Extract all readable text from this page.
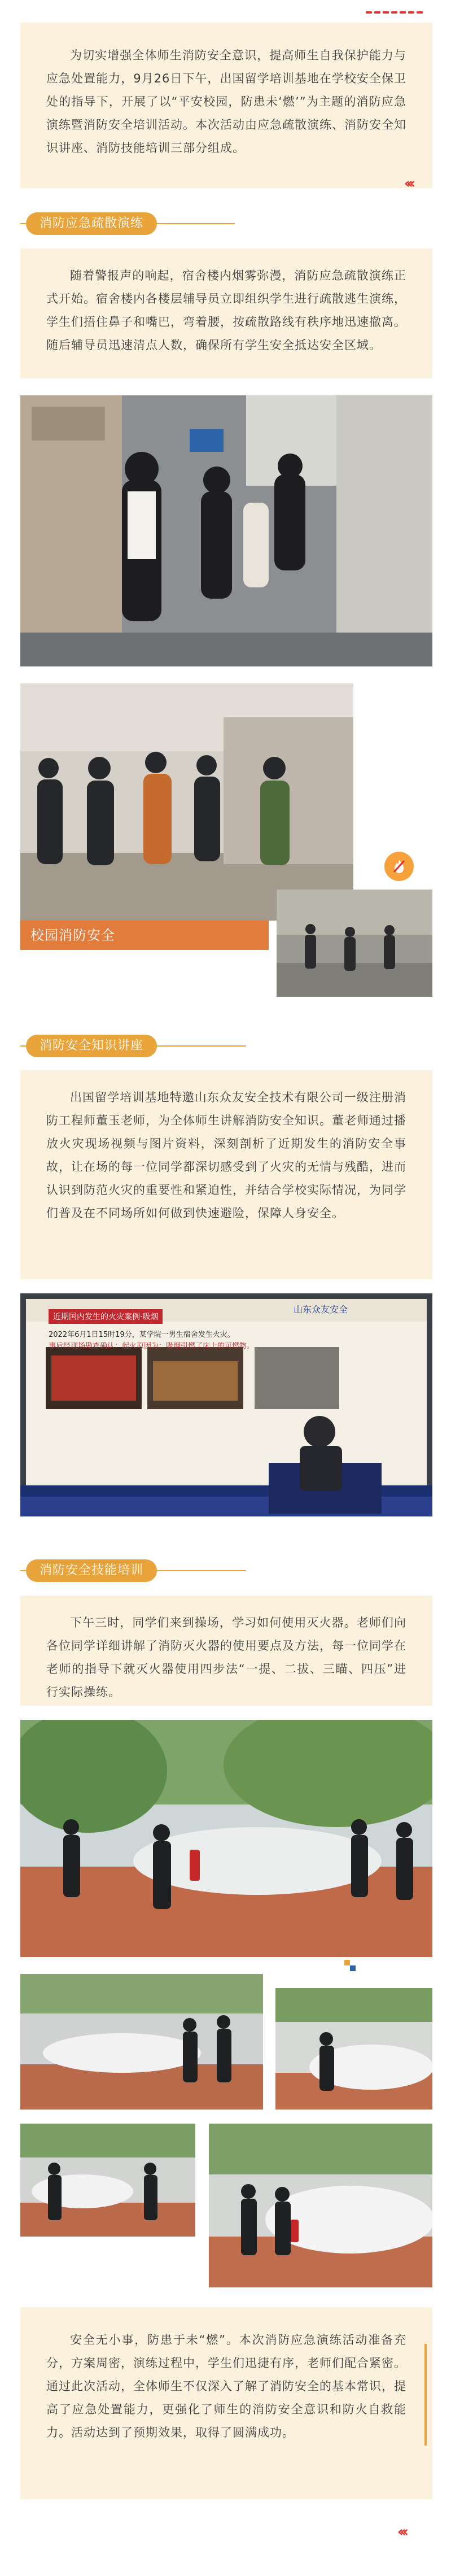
为切实增强全体师生消防安全意识，提高师生自我保护能力与应急处置能力，9月26日下午，出国留学培训基地在学校安全保卫处的指导下，开展了以“平安校园，防患未‘燃’”为主题的消防应急演练暨消防安全培训活动。本次活动由应急疏散演练、消防安全知识讲座、消防技能培训三部分组成。
‹‹‹
消防应急疏散演练
随着警报声的响起，宿舍楼内烟雾弥漫，消防应急疏散演练正式开始。宿舍楼内各楼层辅导员立即组织学生进行疏散逃生演练，学生们捂住鼻子和嘴巴，弯着腰，按疏散路线有秩序地迅速撤离。随后辅导员迅速清点人数，确保所有学生安全抵达安全区域。
校园消防安全
消防安全知识讲座
出国留学培训基地特邀山东众友安全技术有限公司一级注册消防工程师董玉老师，为全体师生讲解消防安全知识。董老师通过播放火灾现场视频与图片资料，深刻剖析了近期发生的消防安全事故，让在场的每一位同学都深切感受到了火灾的无情与残酷，进而认识到防范火灾的重要性和紧迫性，并结合学校实际情况，为同学们普及在不同场所如何做到快速避险，保障人身安全。
近期国内发生的火灾案例·吸烟
山东众友安全
2022年6月1日15时19分，某学院一男生宿舍发生火灾。
事后经现场勘查确认：起火原因为：吸烟引燃了床上的可燃物。
消防安全技能培训
下午三时，同学们来到操场，学习如何使用灭火器。老师们向各位同学详细讲解了消防灭火器的使用要点及方法，每一位同学在老师的指导下就灭火器使用四步法“一提、二拔、三瞄、四压”进行实际操练。
安全无小事，防患于未“燃”。本次消防应急演练活动准备充分，方案周密，演练过程中，学生们迅捷有序，老师们配合紧密。通过此次活动，全体师生不仅深入了解了消防安全的基本常识，提高了应急处置能力，更强化了师生的消防安全意识和防火自救能力。活动达到了预期效果，取得了圆满成功。
‹‹‹
